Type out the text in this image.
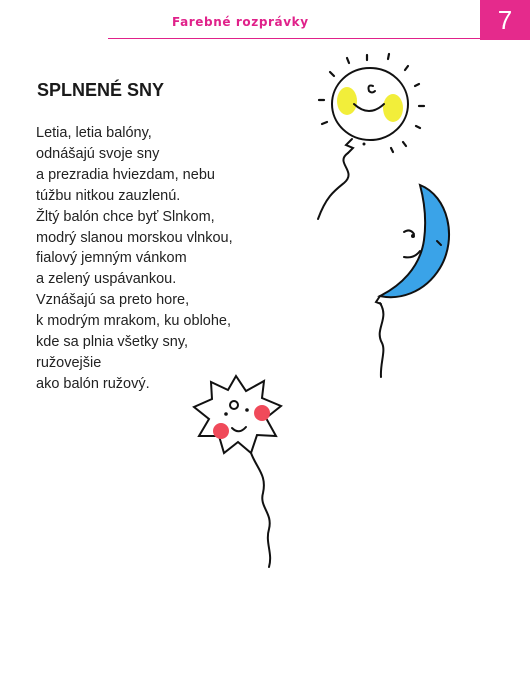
Farebné rozprávky	7
SPLNENÉ SNY
Letia, letia balóny,
odnášajú svoje sny
a prezradia hviezdam, nebu
túžbu nitkou zauzlenú.
Žltý balón chce byť Slnkom,
modrý slanou morskou vlnkou,
fialový jemným vánkom
a zelený uspávankou.
Vznášajú sa preto hore,
k modrým mrakom, ku oblohe,
kde sa plnia všetky sny,
ružovejšie
ako balón ružový.
